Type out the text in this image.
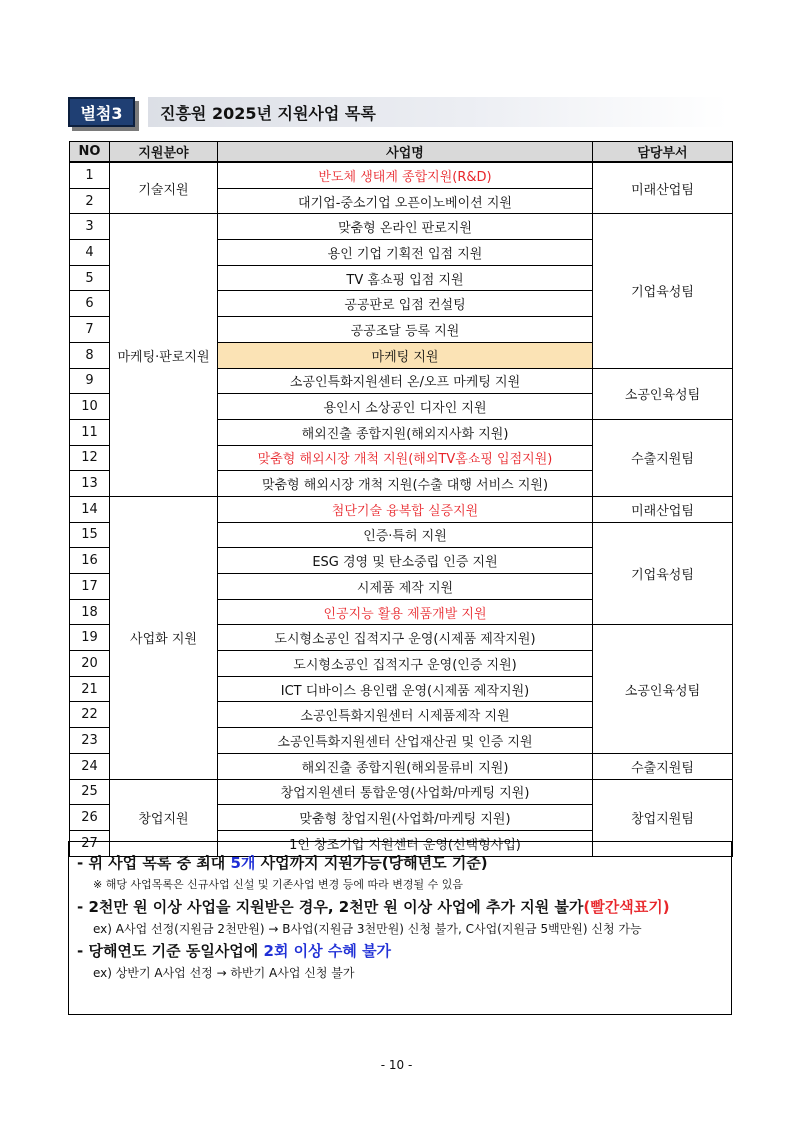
별첨3	진흥원 2025년 지원사업 목록
NO	지원분야	사업명	담당부서
1	기술지원	반도체 생태계 종합지원(R&D)	미래산업팀
2		대기업-중소기업 오픈이노베이션 지원	
3	마케팅·판로지원	맞춤형 온라인 판로지원	기업육성팀
4		용인 기업 기획전 입점 지원	
5		TV 홈쇼핑 입점 지원	
6		공공판로 입점 컨설팅	
7		공공조달 등록 지원	
8		마케팅 지원	
9		소공인특화지원센터 온/오프 마케팅 지원	소공인육성팀
10		용인시 소상공인 디자인 지원	
11		해외진출 종합지원(해외지사화 지원)	수출지원팀
12		맞춤형 해외시장 개척 지원(해외TV홈쇼핑 입점지원)	
13		맞춤형 해외시장 개척 지원(수출 대행 서비스 지원)	
14	사업화 지원	첨단기술 융복합 실증지원	미래산업팀
15		인증·특허 지원	기업육성팀
16		ESG 경영 및 탄소중립 인증 지원	
17		시제품 제작 지원	
18		인공지능 활용 제품개발 지원	
19		도시형소공인 집적지구 운영(시제품 제작지원)	소공인육성팀
20		도시형소공인 집적지구 운영(인증 지원)	
21		ICT 디바이스 용인랩 운영(시제품 제작지원)	
22		소공인특화지원센터 시제품제작 지원	
23		소공인특화지원센터 산업재산권 및 인증 지원	
24		해외진출 종합지원(해외물류비 지원)	수출지원팀
25	창업지원	창업지원센터 통합운영(사업화/마케팅 지원)	창업지원팀
26		맞춤형 창업지원(사업화/마케팅 지원)	
27		1인 창조기업 지원센터 운영(선택형사업)	
- 위 사업 목록 중 최대 5개 사업까지 지원가능(당해년도 기준)
※ 해당 사업목록은 신규사업 신설 및 기존사업 변경 등에 따라 변경될 수 있음
- 2천만 원 이상 사업을 지원받은 경우, 2천만 원 이상 사업에 추가 지원 불가(빨간색표기)
ex) A사업 선정(지원금 2천만원) → B사업(지원금 3천만원) 신청 불가, C사업(지원금 5백만원) 신청 가능
- 당해연도 기준 동일사업에 2회 이상 수혜 불가
ex) 상반기 A사업 선정 → 하반기 A사업 신청 불가
- 10 -
